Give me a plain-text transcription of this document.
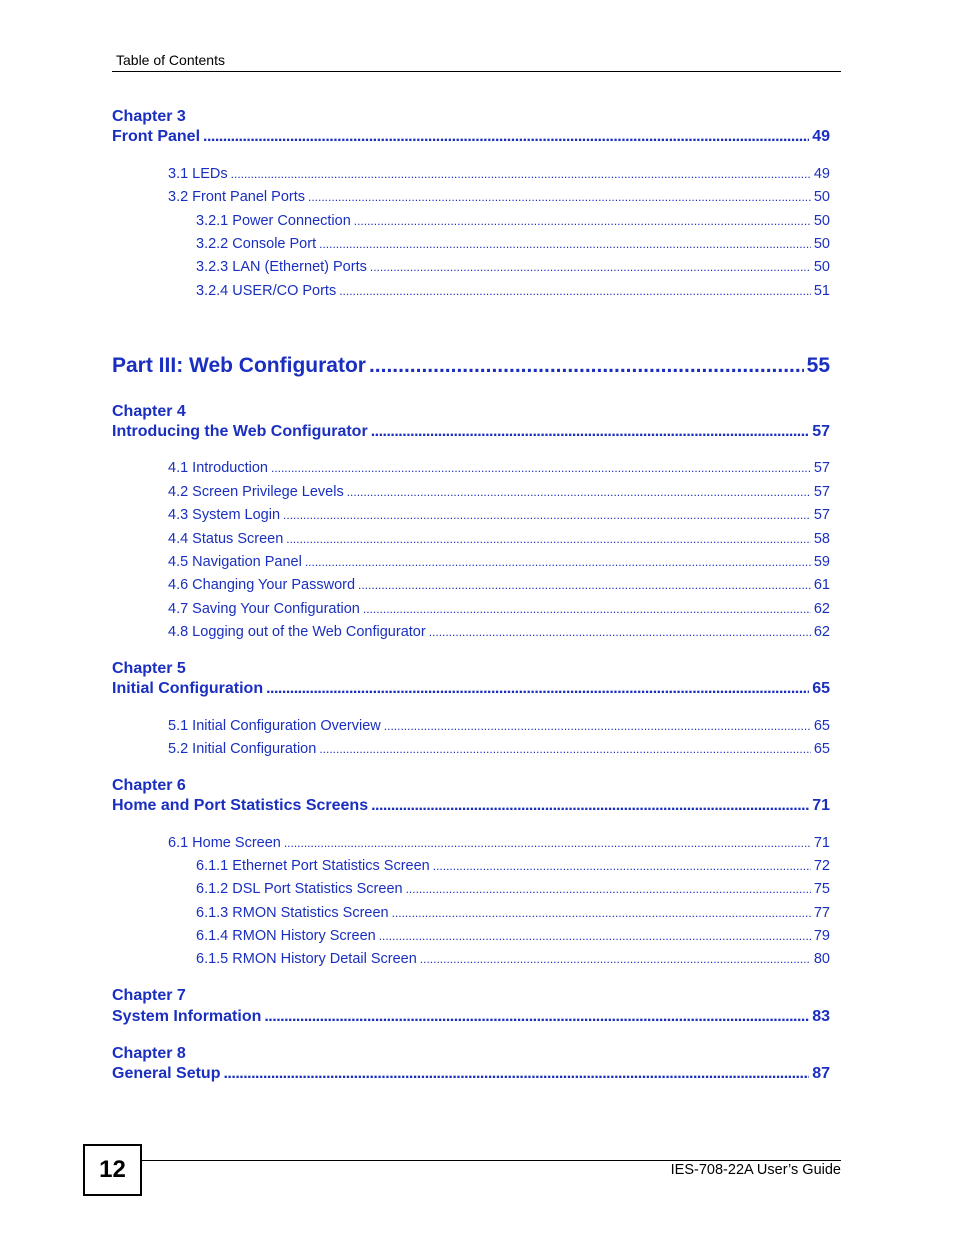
Table of Contents
Chapter 3
Front Panel .....	49
3.1 LEDs .....	49
3.2 Front Panel Ports .....	50
3.2.1 Power Connection .....	50
3.2.2 Console Port .....	50
3.2.3 LAN (Ethernet) Ports .....	50
3.2.4 USER/CO Ports .....	51
Part III: Web Configurator .....	55
Chapter 4
Introducing the Web Configurator .....	57
4.1 Introduction .....	57
4.2 Screen Privilege Levels .....	57
4.3 System Login .....	57
4.4 Status Screen .....	58
4.5 Navigation Panel .....	59
4.6 Changing Your Password .....	61
4.7 Saving Your Configuration .....	62
4.8 Logging out of the Web Configurator .....	62
Chapter 5
Initial Configuration .....	65
5.1 Initial Configuration Overview .....	65
5.2 Initial Configuration .....	65
Chapter 6
Home and Port Statistics Screens .....	71
6.1 Home Screen .....	71
6.1.1 Ethernet Port Statistics Screen .....	72
6.1.2 DSL Port Statistics Screen .....	75
6.1.3 RMON Statistics Screen .....	77
6.1.4 RMON History Screen .....	79
6.1.5 RMON History Detail Screen .....	80
Chapter 7
System Information .....	83
Chapter 8
General Setup .....	87
12	IES-708-22A User’s Guide
